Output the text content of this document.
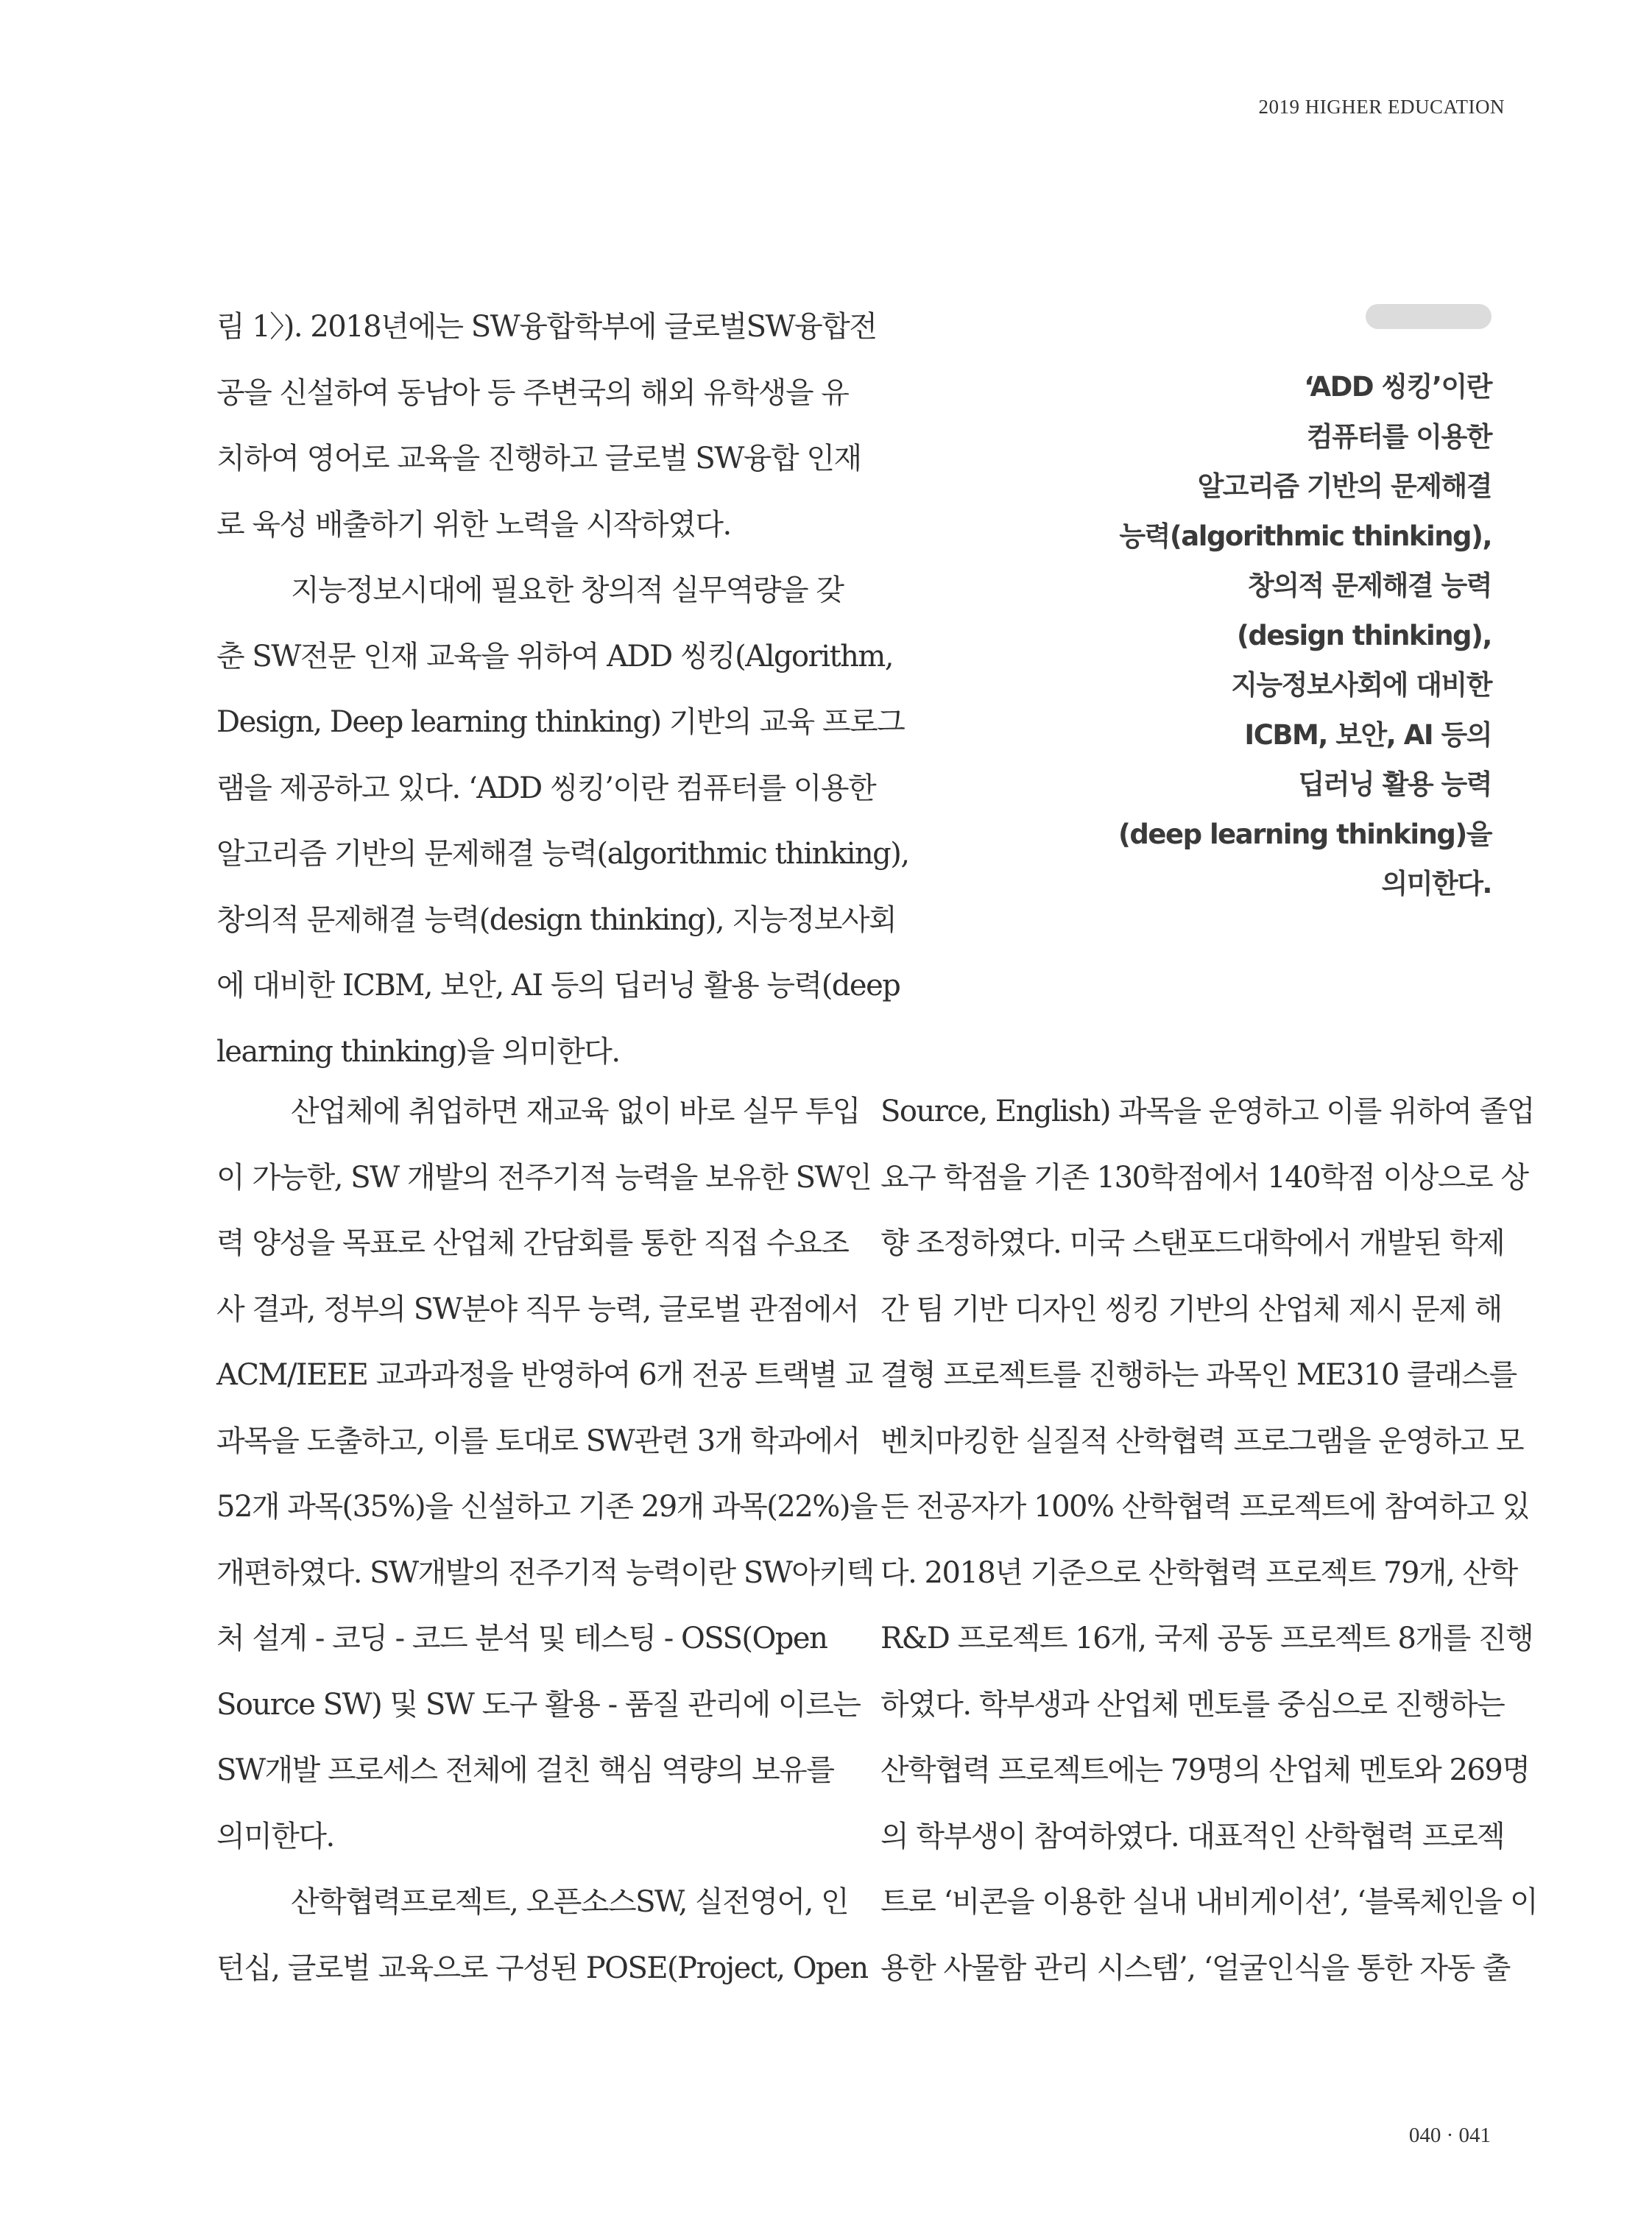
2019 HIGHER EDUCATION

림 1〉). 2018년에는 SW융합학부에 글로벌SW융합전
공을 신설하여 동남아 등 주변국의 해외 유학생을 유
치하여 영어로 교육을 진행하고 글로벌 SW융합 인재
로 육성 배출하기 위한 노력을 시작하였다.

지능정보시대에 필요한 창의적 실무역량을 갖
춘 SW전문 인재 교육을 위하여 ADD 씽킹(Algorithm,
Design, Deep learning thinking) 기반의 교육 프로그
램을 제공하고 있다. ‘ADD 씽킹’이란 컴퓨터를 이용한
알고리즘 기반의 문제해결 능력(algorithmic thinking),
창의적 문제해결 능력(design thinking), 지능정보사회
에 대비한 ICBM, 보안, AI 등의 딥러닝 활용 능력(deep
learning thinking)을 의미한다.

산업체에 취업하면 재교육 없이 바로 실무 투입
이 가능한, SW 개발의 전주기적 능력을 보유한 SW인
력 양성을 목표로 산업체 간담회를 통한 직접 수요조
사 결과, 정부의 SW분야 직무 능력, 글로벌 관점에서
ACM/IEEE 교과과정을 반영하여 6개 전공 트랙별 교
과목을 도출하고, 이를 토대로 SW관련 3개 학과에서
52개 과목(35%)을 신설하고 기존 29개 과목(22%)을
개편하였다. SW개발의 전주기적 능력이란 SW아키텍
처 설계 - 코딩 - 코드 분석 및 테스팅 - OSS(Open
Source SW) 및 SW 도구 활용 - 품질 관리에 이르는
SW개발 프로세스 전체에 걸친 핵심 역량의 보유를
의미한다.

산학협력프로젝트, 오픈소스SW, 실전영어, 인
턴십, 글로벌 교육으로 구성된 POSE(Project, Open

Source, English) 과목을 운영하고 이를 위하여 졸업
요구 학점을 기존 130학점에서 140학점 이상으로 상
향 조정하였다. 미국 스탠포드대학에서 개발된 학제
간 팀 기반 디자인 씽킹 기반의 산업체 제시 문제 해
결형 프로젝트를 진행하는 과목인 ME310 클래스를
벤치마킹한 실질적 산학협력 프로그램을 운영하고 모
든 전공자가 100% 산학협력 프로젝트에 참여하고 있
다. 2018년 기준으로 산학협력 프로젝트 79개, 산학
R&D 프로젝트 16개, 국제 공동 프로젝트 8개를 진행
하였다. 학부생과 산업체 멘토를 중심으로 진행하는
산학협력 프로젝트에는 79명의 산업체 멘토와 269명
의 학부생이 참여하였다. 대표적인 산학협력 프로젝
트로 ‘비콘을 이용한 실내 내비게이션’, ‘블록체인을 이
용한 사물함 관리 시스템’, ‘얼굴인식을 통한 자동 출

‘ADD 씽킹’이란
컴퓨터를 이용한
알고리즘 기반의 문제해결
능력(algorithmic thinking),
창의적 문제해결 능력
(design thinking),
지능정보사회에 대비한
ICBM, 보안, AI 등의
딥러닝 활용 능력
(deep learning thinking)을
의미한다.
040 · 041
